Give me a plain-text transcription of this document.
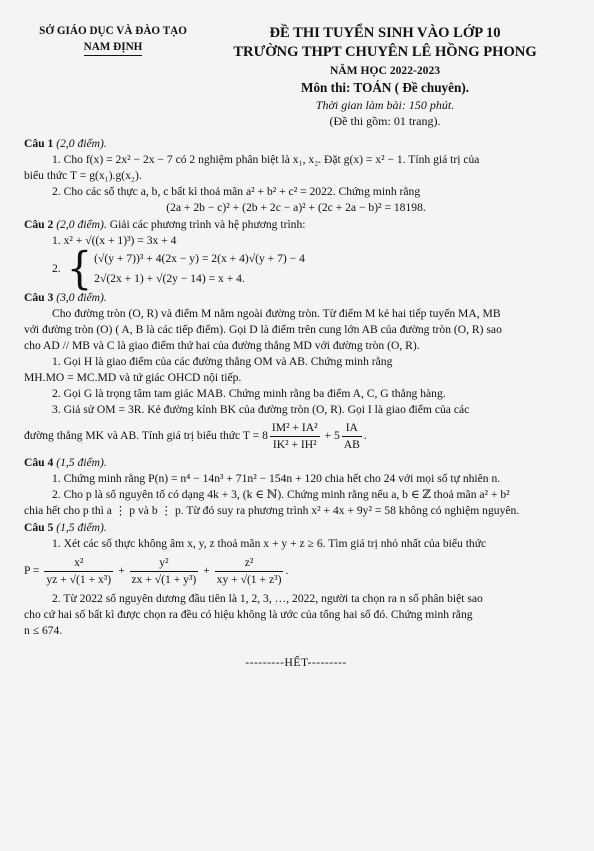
SỞ GIÁO DỤC VÀ ĐÀO TẠO
NAM ĐỊNH
ĐỀ THI TUYỂN SINH VÀO LỚP 10
TRƯỜNG THPT CHUYÊN LÊ HỒNG PHONG
NĂM HỌC 2022-2023
Môn thi: TOÁN ( Đề chuyên).
Thời gian làm bài: 150 phút.
(Đề thi gồm: 01 trang).
Câu 1 (2,0 điểm).

1. Cho f(x) = 2x² − 2x − 7 có 2 nghiệm phân biệt là x₁, x₂. Đặt g(x) = x² − 1. Tính giá trị của

biểu thức T = g(x₁).g(x₂).

2. Cho các số thực a, b, c bất kì thoả mãn a² + b² + c² = 2022. Chứng minh rằng

(2a + 2b − c)² + (2b + 2c − a)² + (2c + 2a − b)² = 18198.

Câu 2 (2,0 điểm). Giải các phương trình và hệ phương trình:

1. x² + √((x + 1)³) = 3x + 4

2. { (√(y + 7))³ + 4(2x − y) = 2(x + 4)√(y + 7) − 4
2√(2x + 1) + √(2y − 14) = x + 4.
Câu 3 (3,0 điểm).

Cho đường tròn (O, R) và điểm M nằm ngoài đường tròn. Từ điểm M kẻ hai tiếp tuyến MA, MB

với đường tròn (O) ( A, B là các tiếp điểm). Gọi D là điểm trên cung lớn AB của đường tròn (O, R) sao

cho AD // MB và C là giao điểm thứ hai của đường thẳng MD với đường tròn (O, R).

1. Gọi H là giao điểm của các đường thẳng OM và AB. Chứng minh rằng

MH.MO = MC.MD và tứ giác OHCD nội tiếp.

2. Gọi G là trọng tâm tam giác MAB. Chứng minh rằng ba điểm A, C, G thẳng hàng.

3. Giả sử OM = 3R. Kẻ đường kính BK của đường tròn (O, R). Gọi I là giao điểm của các

đường thẳng MK và AB. Tính giá trị biểu thức $T = 8 \frac{\text{IM² + IA²}}{\text{IK² + IH²}} + 5 \frac{IA}{AB}$ .

Câu 4 (1,5 điểm).

1. Chứng minh rằng P(n) = n⁴ − 14n³ + 71n² − 154n + 120 chia hết cho 24 với mọi số tự nhiên n.

2. Cho p là số nguyên tố có dạng 4k + 3, (k ∈ ℕ). Chứng minh rằng nếu a, b ∈ ℤ thoả mãn a² + b²

chia hết cho p thì a ⋮ p và b ⋮ p. Từ đó suy ra phương trình x² + 4x + 9y² = 58 không có nghiệm nguyên.

Câu 5 (1,5 điểm).

1. Xét các số thực không âm x, y, z thoả mãn x + y + z ≥ 6. Tìm giá trị nhỏ nhất của biểu thức

$P = \frac{\text{x²}}{\text{yz + √(1 + x³)}} + \frac{\text{y²}}{\text{zx + √(1 + y³)}} + \frac{\text{z²}}{\text{xy + √(1 + z³)}}$ .

2. Từ 2022 số nguyên dương đầu tiên là 1, 2, 3, …, 2022, người ta chọn ra n số phân biệt sao

cho cứ hai số bất kì được chọn ra đều có hiệu không là ước của tổng hai số đó. Chứng minh rằng

n ≤ 674.

---------HẾT---------
